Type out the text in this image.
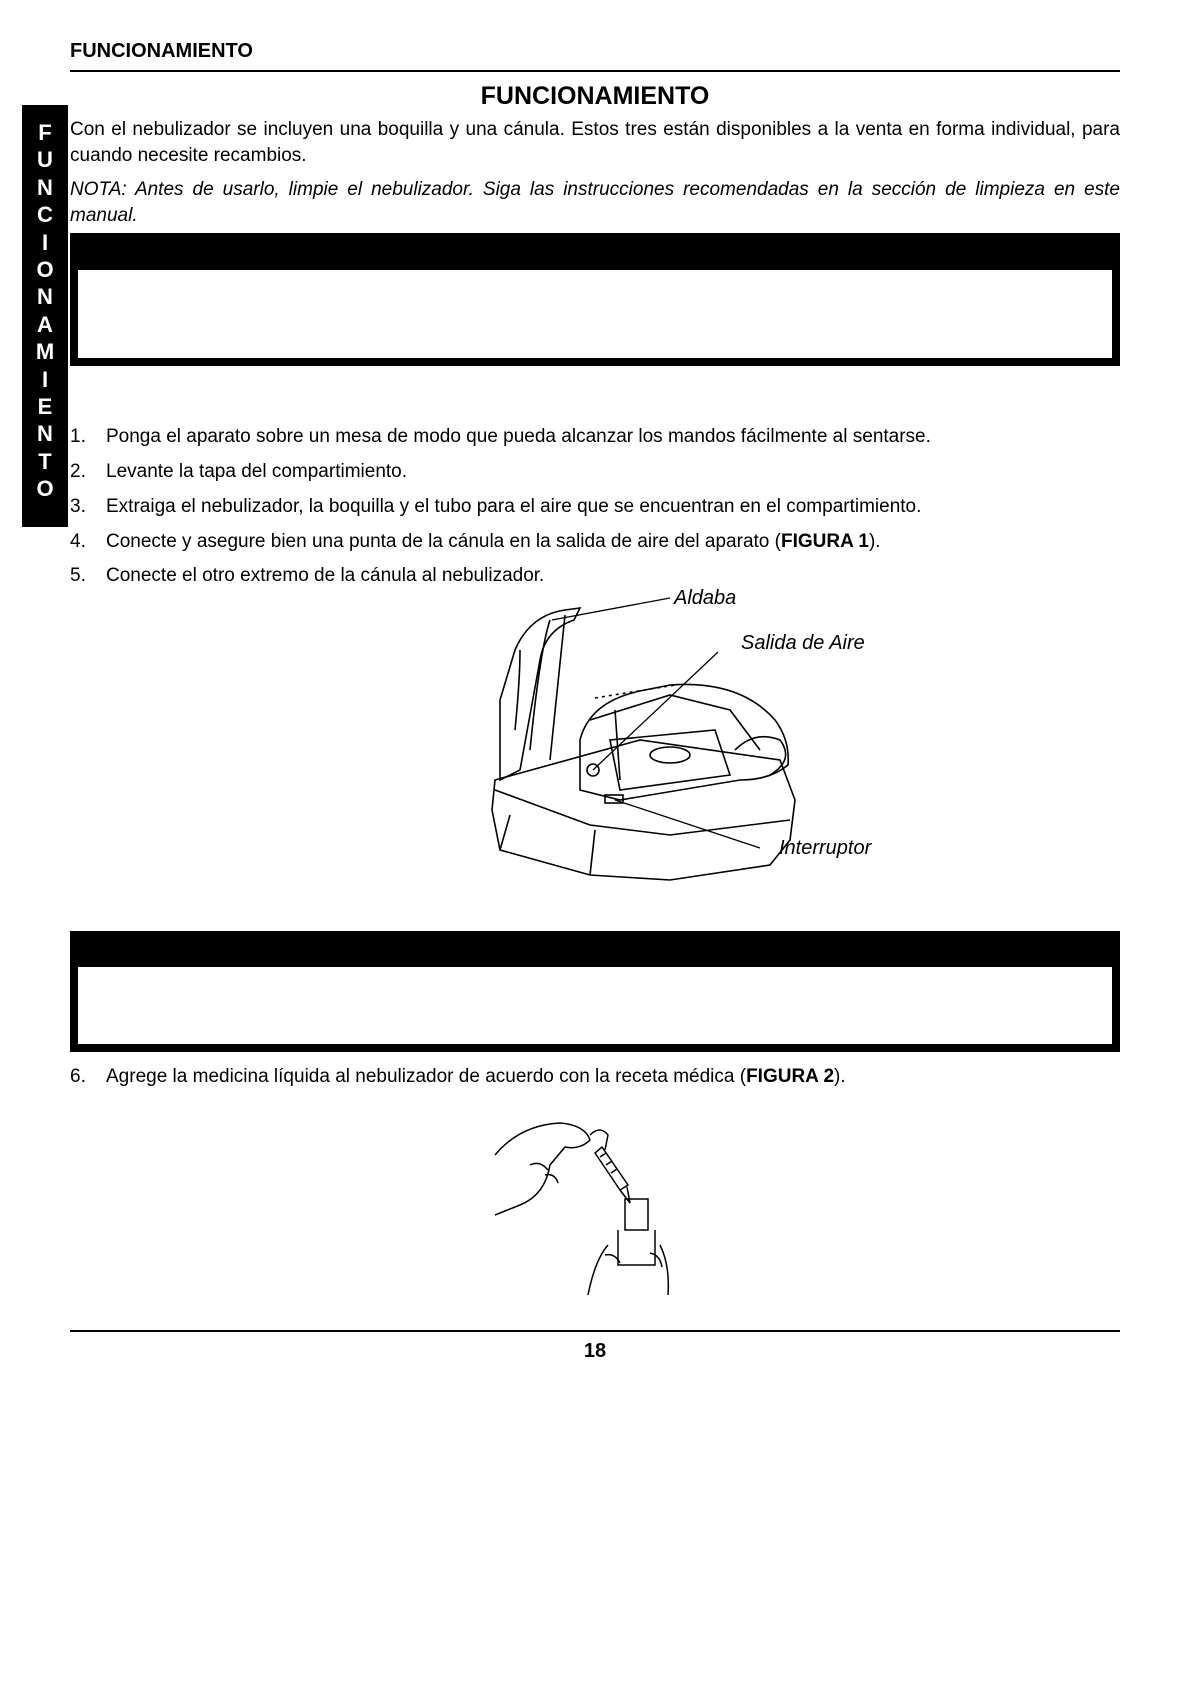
FUNCIONAMIENTO
FUNCIONAMIENTO
F
U
N
C
I
O
N
A
M
I
E
N
T
O
Con el nebulizador se incluyen una boquilla y una cánula. Estos tres están disponibles a la venta en forma individual, para cuando necesite recambios.
NOTA: Antes de usarlo, limpie el nebulizador. Siga las instrucciones recomendadas en la sección de limpieza en este manual.
1. Ponga el aparato sobre un mesa de modo que pueda alcanzar los mandos fácilmente al sentarse.
2. Levante la tapa del compartimiento.
3. Extraiga el nebulizador, la boquilla y el tubo para el aire que se encuentran en el compartimiento.
4. Conecte y asegure bien una punta de la cánula en la salida de aire del aparato (FIGURA 1).
5. Conecte el otro extremo de la cánula al nebulizador.
Aldaba
Salida de Aire
Interruptor
6. Agrege la medicina líquida al nebulizador de acuerdo con la receta médica (FIGURA 2).
18
